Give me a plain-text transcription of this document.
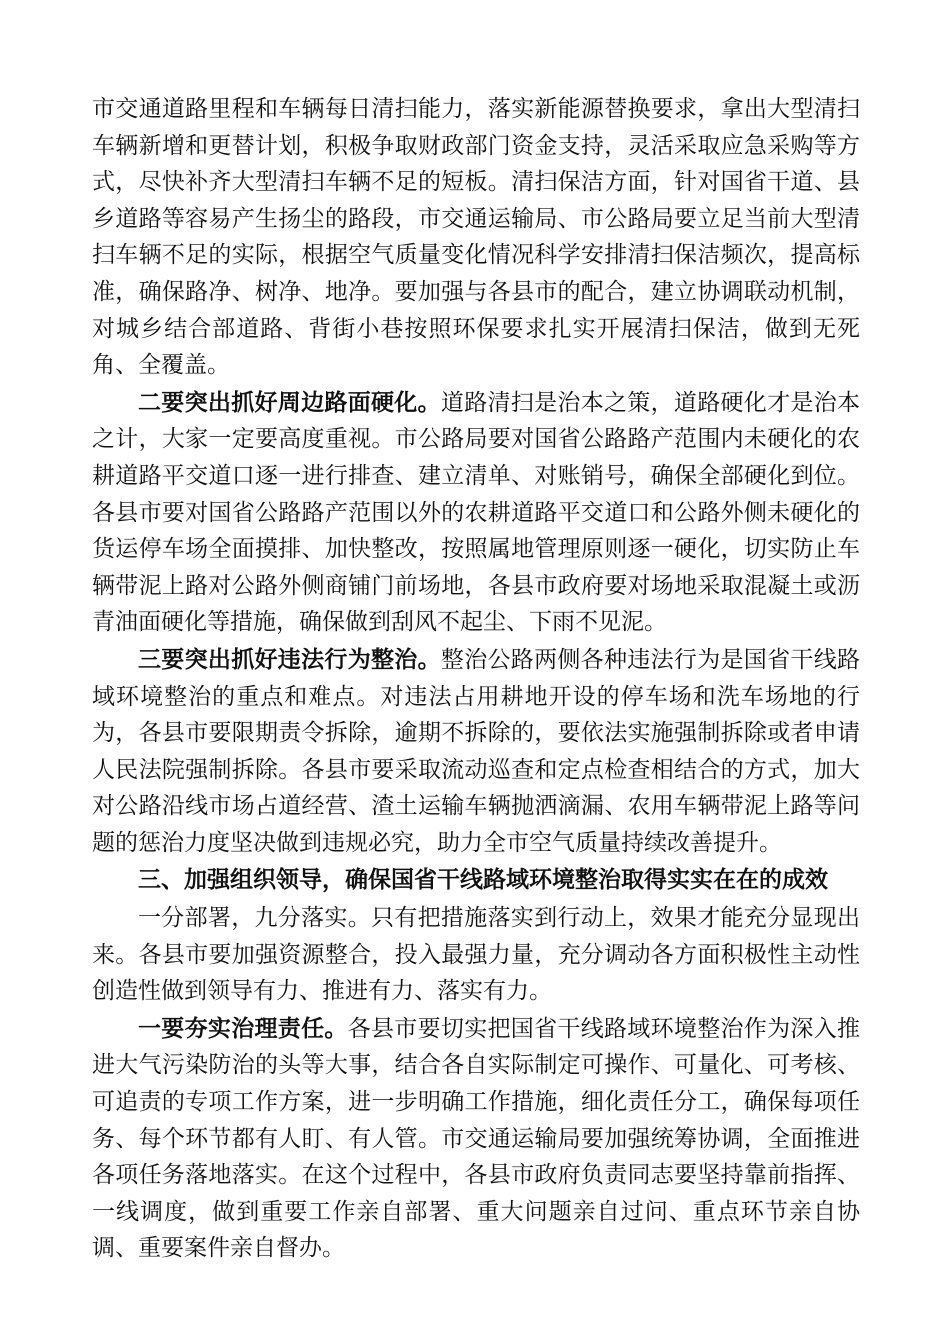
市交通道路里程和车辆每日清扫能力，落实新能源替换要求，拿出大型清扫车辆新增和更替计划，积极争取财政部门资金支持，灵活采取应急采购等方式，尽快补齐大型清扫车辆不足的短板。清扫保洁方面，针对国省干道、县乡道路等容易产生扬尘的路段，市交通运输局、市公路局要立足当前大型清扫车辆不足的实际，根据空气质量变化情况科学安排清扫保洁频次，提高标准，确保路净、树净、地净。要加强与各县市的配合，建立协调联动机制，对城乡结合部道路、背街小巷按照环保要求扎实开展清扫保洁，做到无死角、全覆盖。

二要突出抓好周边路面硬化。道路清扫是治本之策，道路硬化才是治本之计，大家一定要高度重视。市公路局要对国省公路路产范围内未硬化的农耕道路平交道口逐一进行排查、建立清单、对账销号，确保全部硬化到位。各县市要对国省公路路产范围以外的农耕道路平交道口和公路外侧未硬化的货运停车场全面摸排、加快整改，按照属地管理原则逐一硬化，切实防止车辆带泥上路对公路外侧商铺门前场地，各县市政府要对场地采取混凝土或沥青油面硬化等措施，确保做到刮风不起尘、下雨不见泥。

三要突出抓好违法行为整治。整治公路两侧各种违法行为是国省干线路域环境整治的重点和难点。对违法占用耕地开设的停车场和洗车场地的行为，各县市要限期责令拆除，逾期不拆除的，要依法实施强制拆除或者申请人民法院强制拆除。各县市要采取流动巡查和定点检查相结合的方式，加大对公路沿线市场占道经营、渣土运输车辆抛洒滴漏、农用车辆带泥上路等问题的惩治力度坚决做到违规必究，助力全市空气质量持续改善提升。

三、加强组织领导，确保国省干线路域环境整治取得实实在在的成效

一分部署，九分落实。只有把措施落实到行动上，效果才能充分显现出来。各县市要加强资源整合，投入最强力量，充分调动各方面积极性主动性创造性做到领导有力、推进有力、落实有力。

一要夯实治理责任。各县市要切实把国省干线路域环境整治作为深入推进大气污染防治的头等大事，结合各自实际制定可操作、可量化、可考核、可追责的专项工作方案，进一步明确工作措施，细化责任分工，确保每项任务、每个环节都有人盯、有人管。市交通运输局要加强统筹协调，全面推进各项任务落地落实。在这个过程中，各县市政府负责同志要坚持靠前指挥、一线调度，做到重要工作亲自部署、重大问题亲自过问、重点环节亲自协调、重要案件亲自督办。
